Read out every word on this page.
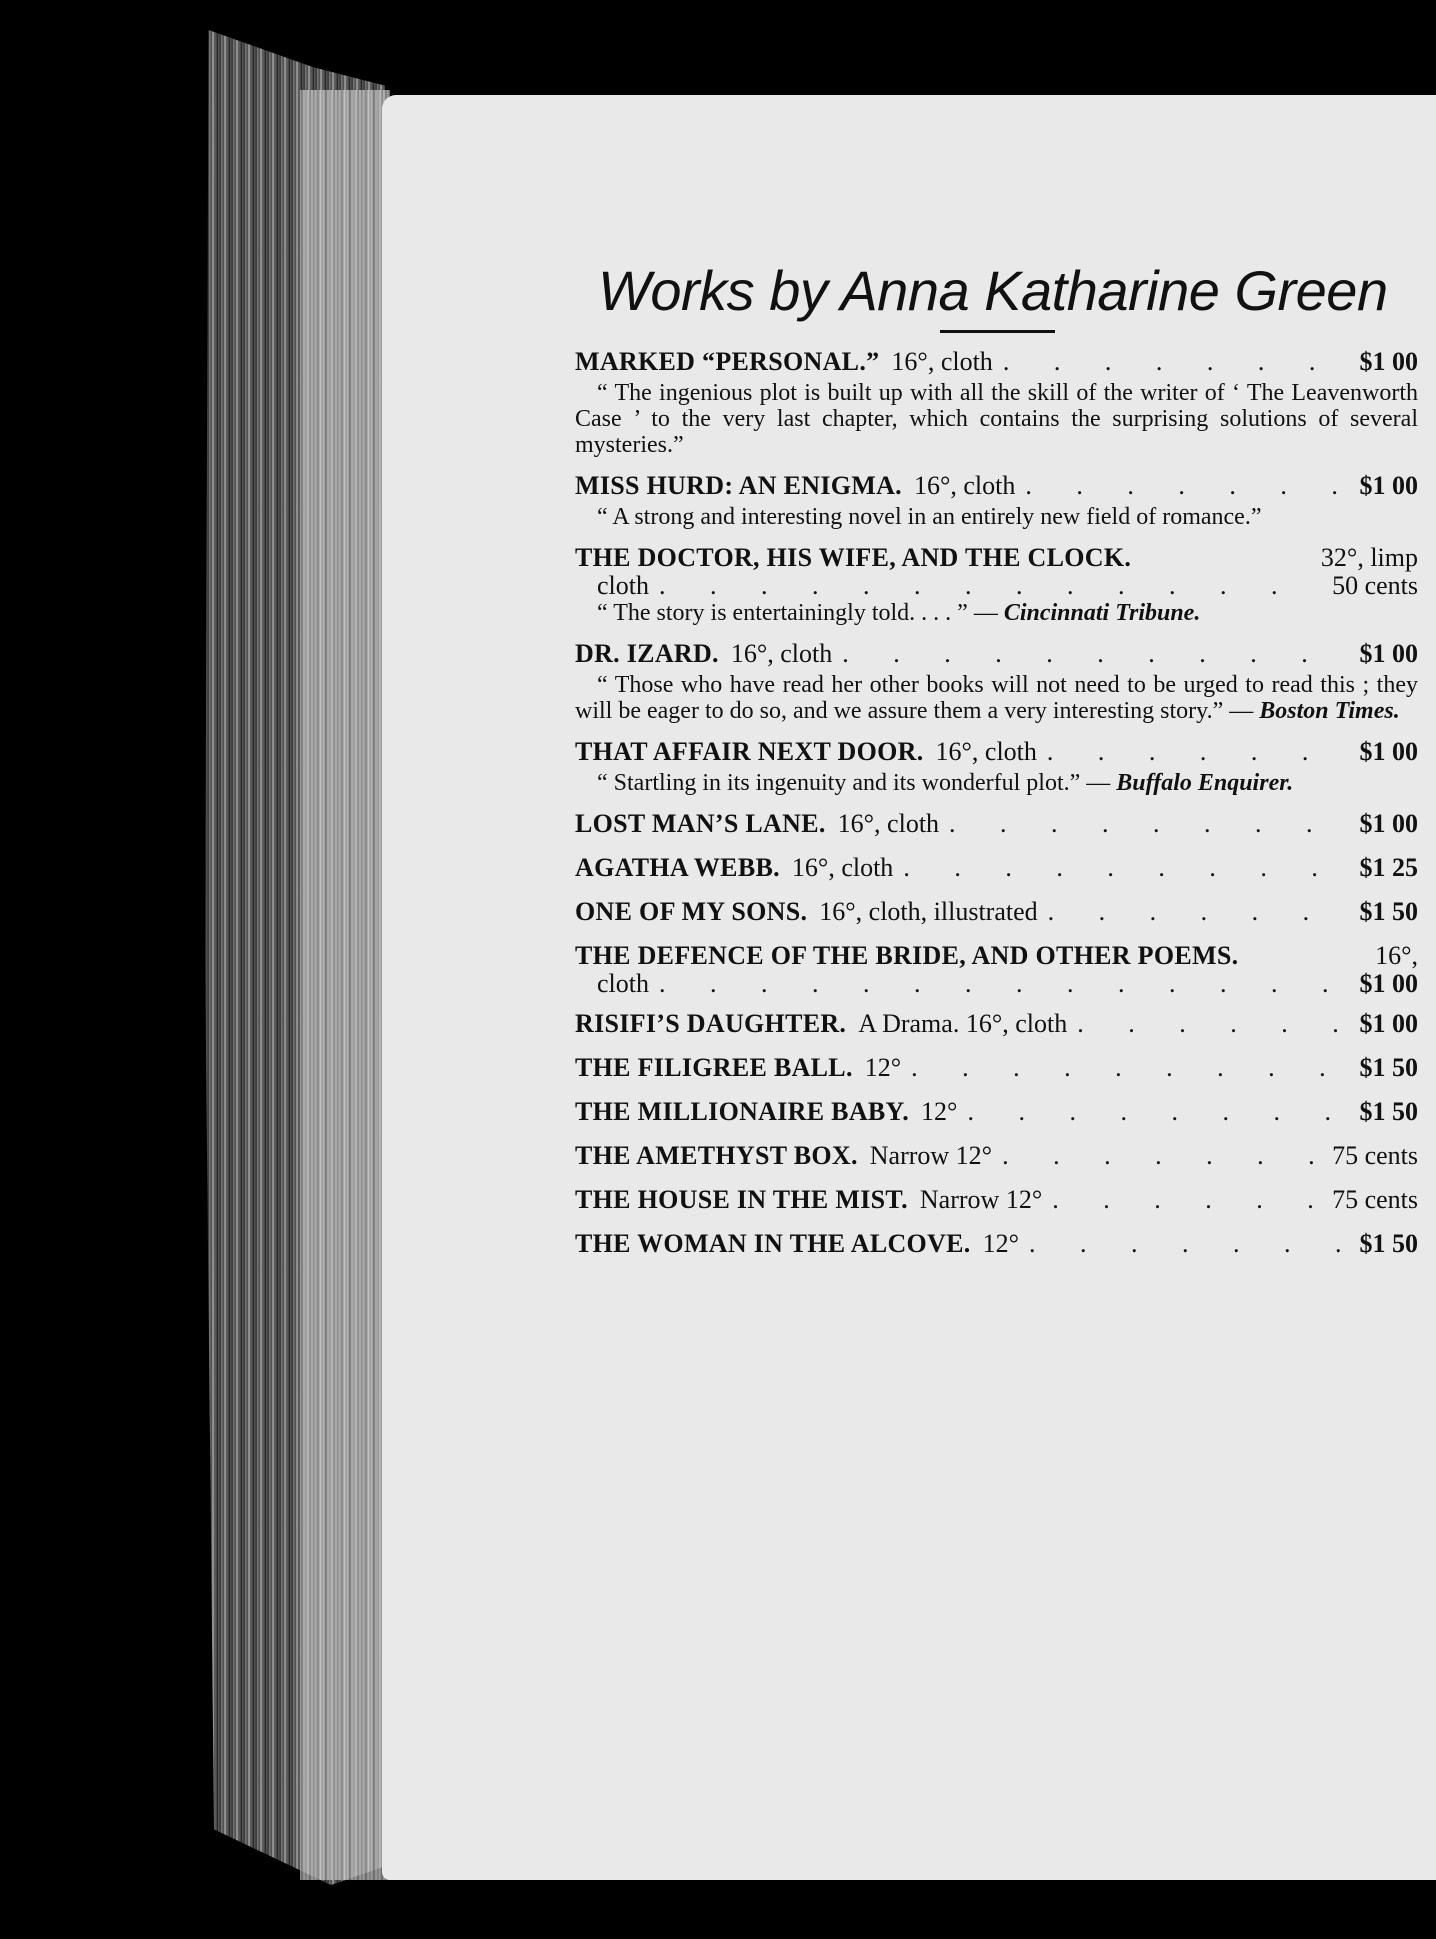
Works by Anna Katharine Green
MARKED “PERSONAL.” 16°, cloth . . .	$1 00
“ The ingenious plot is built up with all the skill of the writer of ‘ The Leavenworth Case ’ to the very last chapter, which contains the surprising solutions of several mysteries.”
MISS HURD: AN ENIGMA. 16°, cloth . . .	$1 00
“ A strong and interesting novel in an entirely new field of romance.”
THE DOCTOR, HIS WIFE, AND THE CLOCK.	32°, limp
cloth . . .	50 cents
“ The story is entertainingly told. . . . ” — Cincinnati Tribune.
DR. IZARD. 16°, cloth . . .	$1 00
“ Those who have read her other books will not need to be urged to read this ; they will be eager to do so, and we assure them a very interesting story.” — Boston Times.
THAT AFFAIR NEXT DOOR. 16°, cloth . . .	$1 00
“ Startling in its ingenuity and its wonderful plot.” — Buffalo Enquirer.
LOST MAN’S LANE. 16°, cloth . . .	$1 00
AGATHA WEBB. 16°, cloth . . .	$1 25
ONE OF MY SONS. 16°, cloth, illustrated . . .	$1 50
THE DEFENCE OF THE BRIDE, AND OTHER POEMS.	16°,
cloth . . .	$1 00
RISIFI’S DAUGHTER. A Drama. 16°, cloth . . .	$1 00
THE FILIGREE BALL. 12° . . .	$1 50
THE MILLIONAIRE BABY. 12° . . .	$1 50
THE AMETHYST BOX. Narrow 12° . . .	75 cents
THE HOUSE IN THE MIST. Narrow 12° . . .	75 cents
THE WOMAN IN THE ALCOVE. 12° . . .	$1 50
